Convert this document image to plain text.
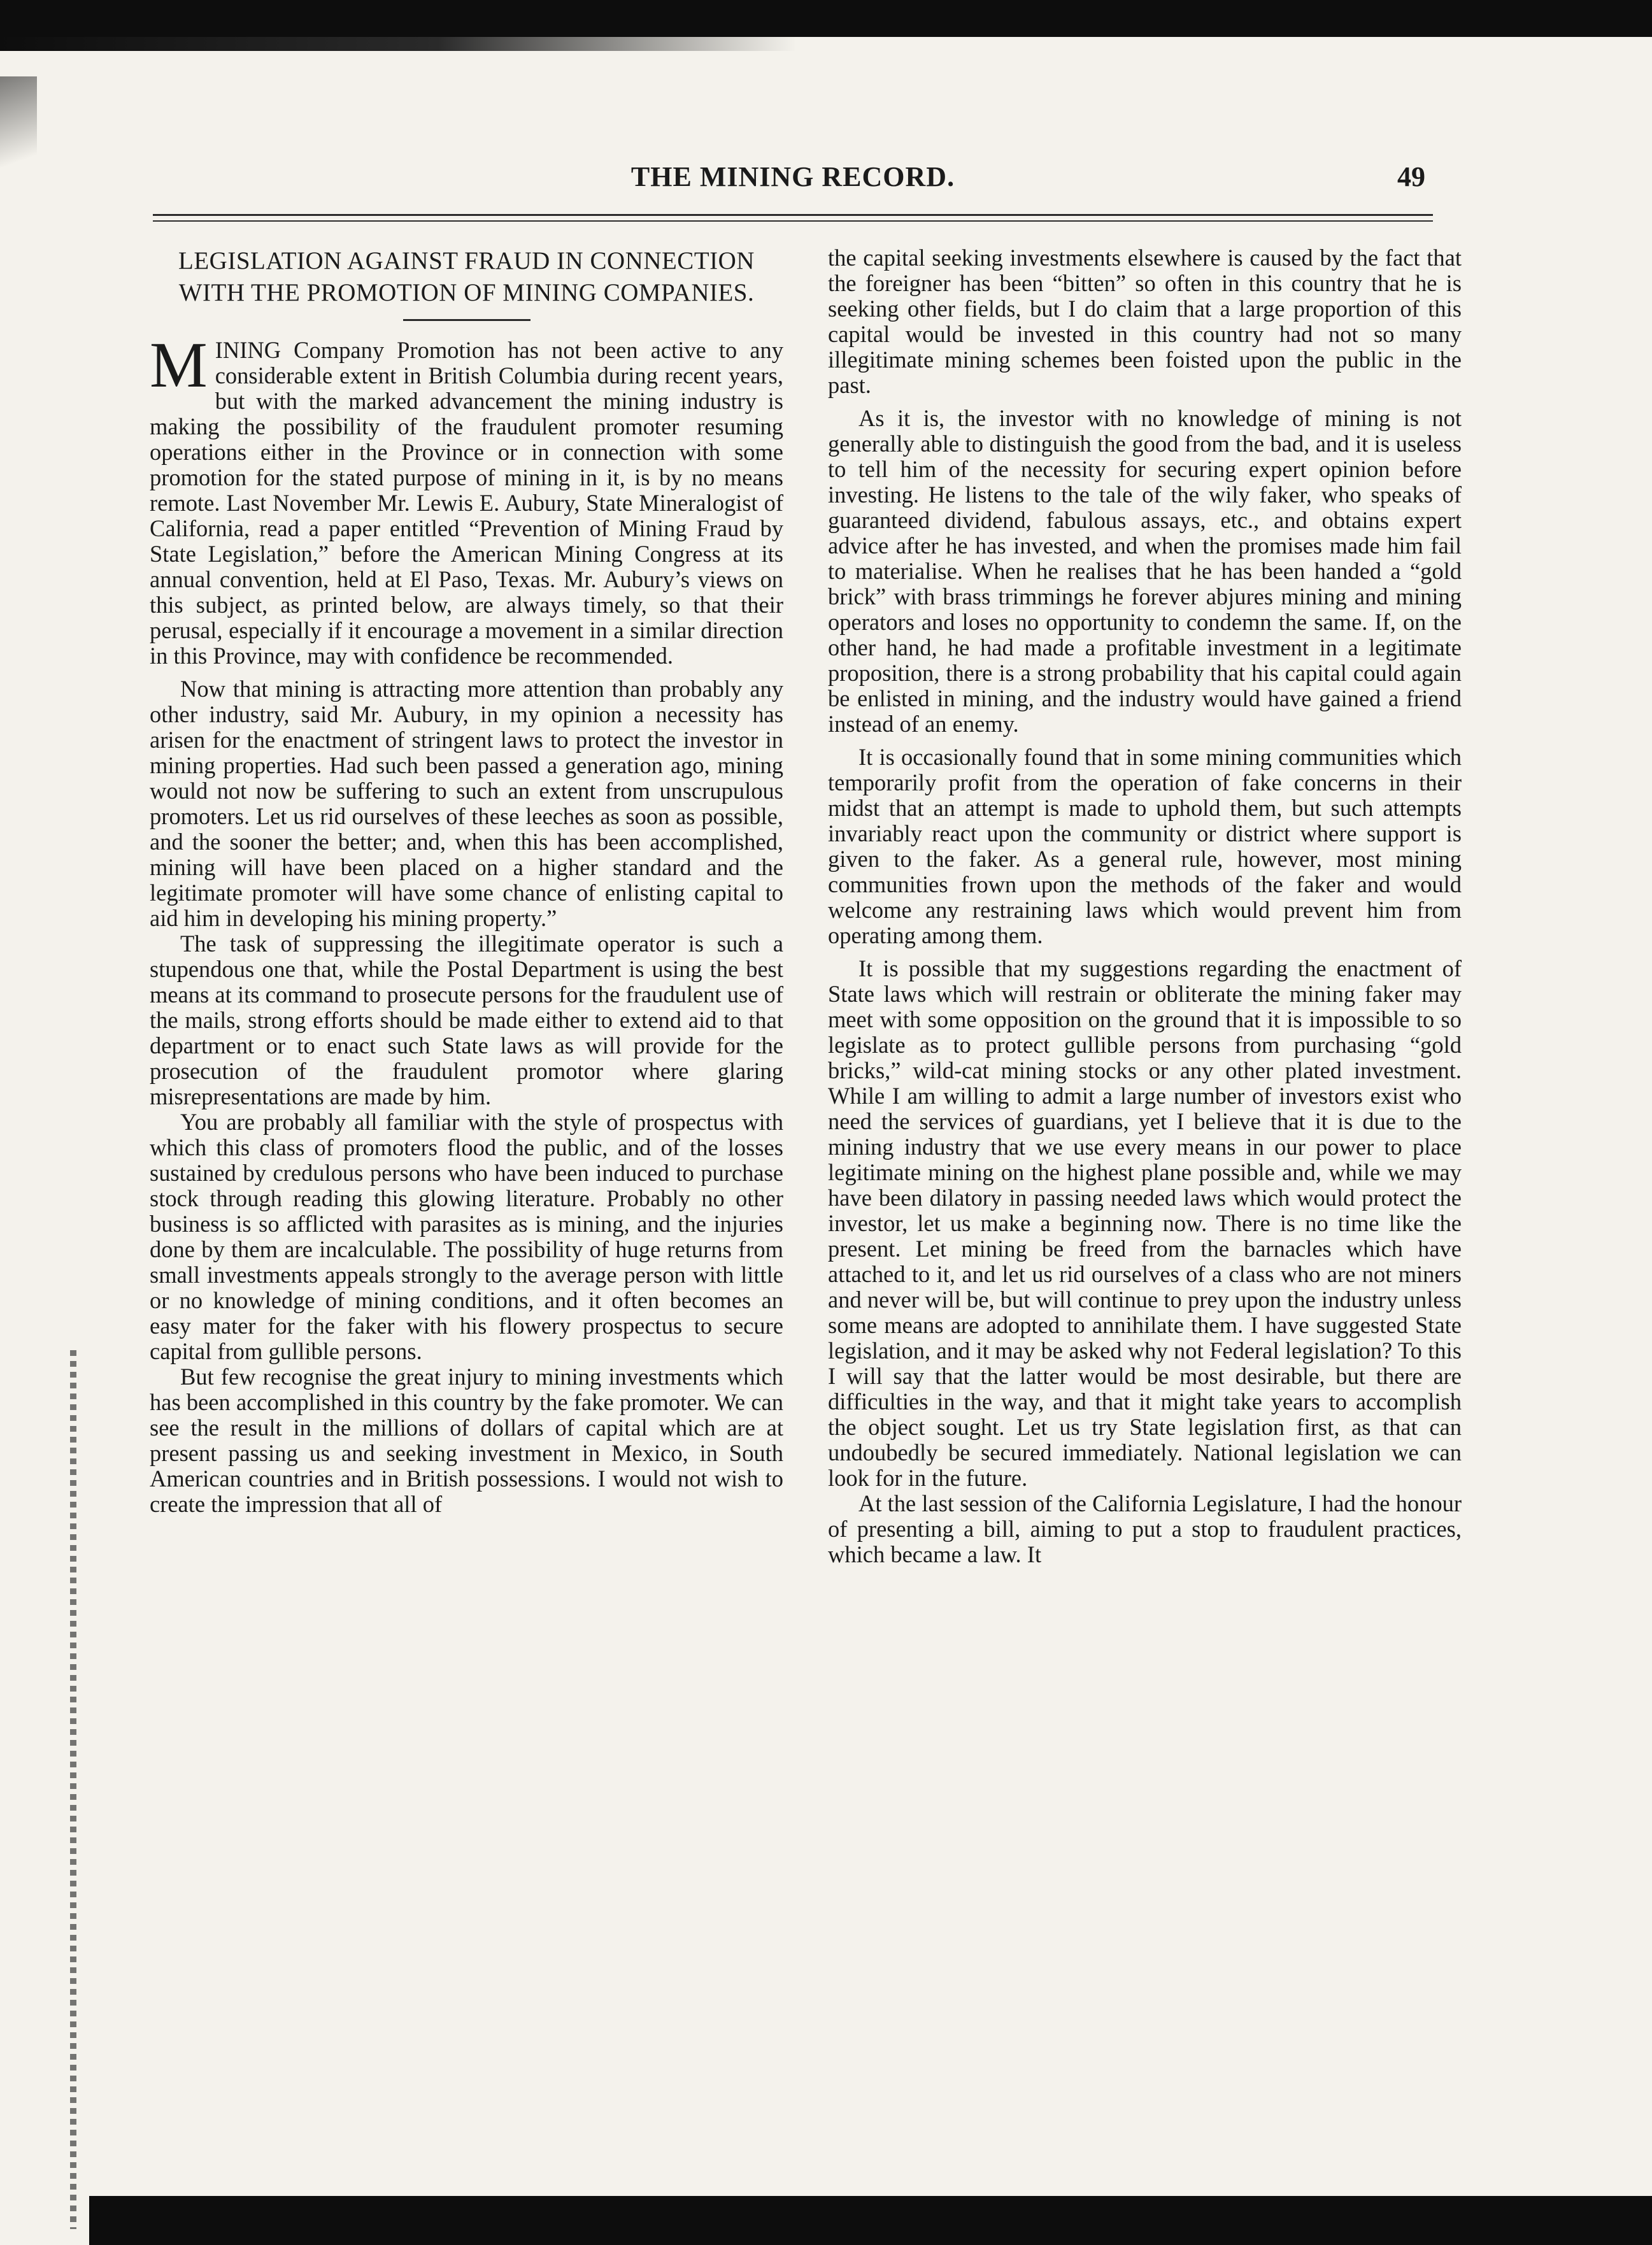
THE MINING RECORD.	49
LEGISLATION AGAINST FRAUD IN CONNECTION WITH THE PROMOTION OF MINING COMPANIES.

MINING Company Promotion has not been active to any considerable extent in British Columbia during recent years, but with the marked advancement the mining industry is making the possibility of the fraudulent promoter resuming operations either in the Province or in connection with some promotion for the stated purpose of mining in it, is by no means remote. Last November Mr. Lewis E. Aubury, State Mineralogist of California, read a paper entitled “Prevention of Mining Fraud by State Legislation,” before the American Mining Congress at its annual convention, held at El Paso, Texas. Mr. Aubury’s views on this subject, as printed below, are always timely, so that their perusal, especially if it encourage a movement in a similar direction in this Province, may with confidence be recommended.

Now that mining is attracting more attention than probably any other industry, said Mr. Aubury, in my opinion a necessity has arisen for the enactment of stringent laws to protect the investor in mining properties. Had such been passed a generation ago, mining would not now be suffering to such an extent from unscrupulous promoters. Let us rid ourselves of these leeches as soon as possible, and the sooner the better; and, when this has been accomplished, mining will have been placed on a higher standard and the legitimate promoter will have some chance of enlisting capital to aid him in developing his mining property.”

The task of suppressing the illegitimate operator is such a stupendous one that, while the Postal Department is using the best means at its command to prosecute persons for the fraudulent use of the mails, strong efforts should be made either to extend aid to that department or to enact such State laws as will provide for the prosecution of the fraudulent promotor where glaring misrepresentations are made by him.

You are probably all familiar with the style of prospectus with which this class of promoters flood the public, and of the losses sustained by credulous persons who have been induced to purchase stock through reading this glowing literature. Probably no other business is so afflicted with parasites as is mining, and the injuries done by them are incalculable. The possibility of huge returns from small investments appeals strongly to the average person with little or no knowledge of mining conditions, and it often becomes an easy mater for the faker with his flowery prospectus to secure capital from gullible persons.

But few recognise the great injury to mining investments which has been accomplished in this country by the fake promoter. We can see the result in the millions of dollars of capital which are at present passing us and seeking investment in Mexico, in South American countries and in British possessions. I would not wish to create the impression that all of

the capital seeking investments elsewhere is caused by the fact that the foreigner has been “bitten” so often in this country that he is seeking other fields, but I do claim that a large proportion of this capital would be invested in this country had not so many illegitimate mining schemes been foisted upon the public in the past.

As it is, the investor with no knowledge of mining is not generally able to distinguish the good from the bad, and it is useless to tell him of the necessity for securing expert opinion before investing. He listens to the tale of the wily faker, who speaks of guaranteed dividend, fabulous assays, etc., and obtains expert advice after he has invested, and when the promises made him fail to materialise. When he realises that he has been handed a “gold brick” with brass trimmings he forever abjures mining and mining operators and loses no opportunity to condemn the same. If, on the other hand, he had made a profitable investment in a legitimate proposition, there is a strong probability that his capital could again be enlisted in mining, and the industry would have gained a friend instead of an enemy.

It is occasionally found that in some mining communities which temporarily profit from the operation of fake concerns in their midst that an attempt is made to uphold them, but such attempts invariably react upon the community or district where support is given to the faker. As a general rule, however, most mining communities frown upon the methods of the faker and would welcome any restraining laws which would prevent him from operating among them.

It is possible that my suggestions regarding the enactment of State laws which will restrain or obliterate the mining faker may meet with some opposition on the ground that it is impossible to so legislate as to protect gullible persons from purchasing “gold bricks,” wild-cat mining stocks or any other plated investment. While I am willing to admit a large number of investors exist who need the services of guardians, yet I believe that it is due to the mining industry that we use every means in our power to place legitimate mining on the highest plane possible and, while we may have been dilatory in passing needed laws which would protect the investor, let us make a beginning now. There is no time like the present. Let mining be freed from the barnacles which have attached to it, and let us rid ourselves of a class who are not miners and never will be, but will continue to prey upon the industry unless some means are adopted to annihilate them. I have suggested State legislation, and it may be asked why not Federal legislation? To this I will say that the latter would be most desirable, but there are difficulties in the way, and that it might take years to accomplish the object sought. Let us try State legislation first, as that can undoubedly be secured immediately. National legislation we can look for in the future.

At the last session of the California Legislature, I had the honour of presenting a bill, aiming to put a stop to fraudulent practices, which became a law. It
